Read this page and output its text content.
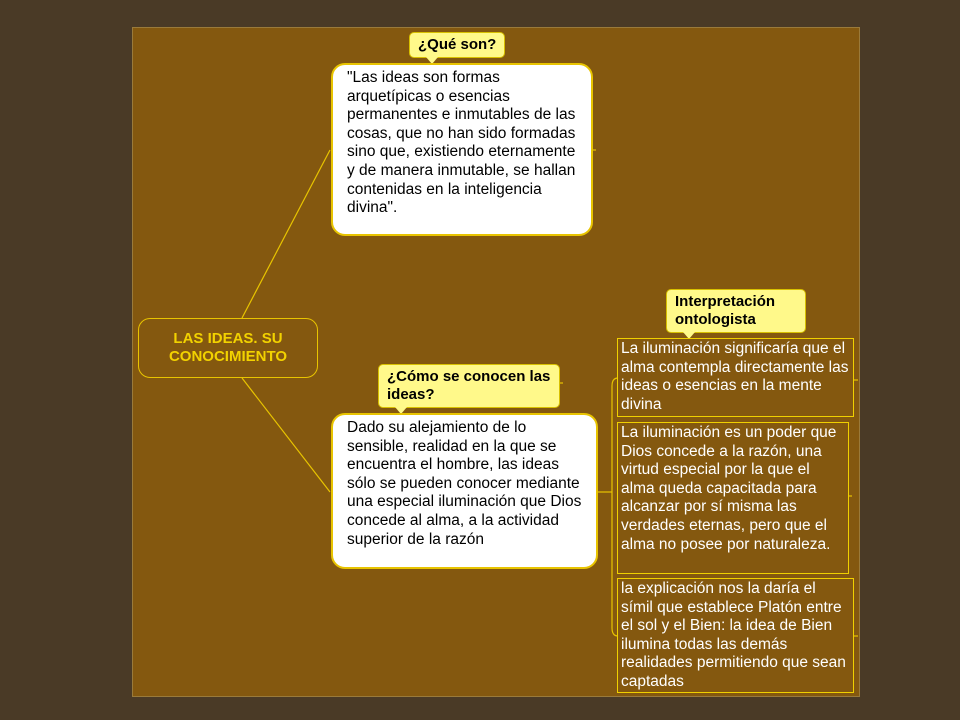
LAS IDEAS. SU CONOCIMIENTO
¿Qué son?
"Las ideas son formas arquetípicas o esencias permanentes e inmutables de las cosas, que no han sido formadas sino que, existiendo eternamente y de manera inmutable, se hallan contenidas en la inteligencia divina".
¿Cómo se conocen las ideas?
Dado su alejamiento de lo sensible, realidad en la que se encuentra el hombre, las ideas sólo se pueden conocer mediante una especial iluminación que Dios concede al alma, a la actividad superior de la razón
Interpretación ontologista
La iluminación significaría que el alma contempla directamente las ideas o esencias en la mente divina
La iluminación es un poder que Dios concede a la razón, una virtud especial por la que el alma queda capacitada para alcanzar por sí misma las verdades eternas, pero que el alma no posee por naturaleza.
la explicación nos la daría el símil que establece Platón entre el sol y el Bien: la idea de Bien ilumina todas las demás realidades permitiendo que sean captadas
